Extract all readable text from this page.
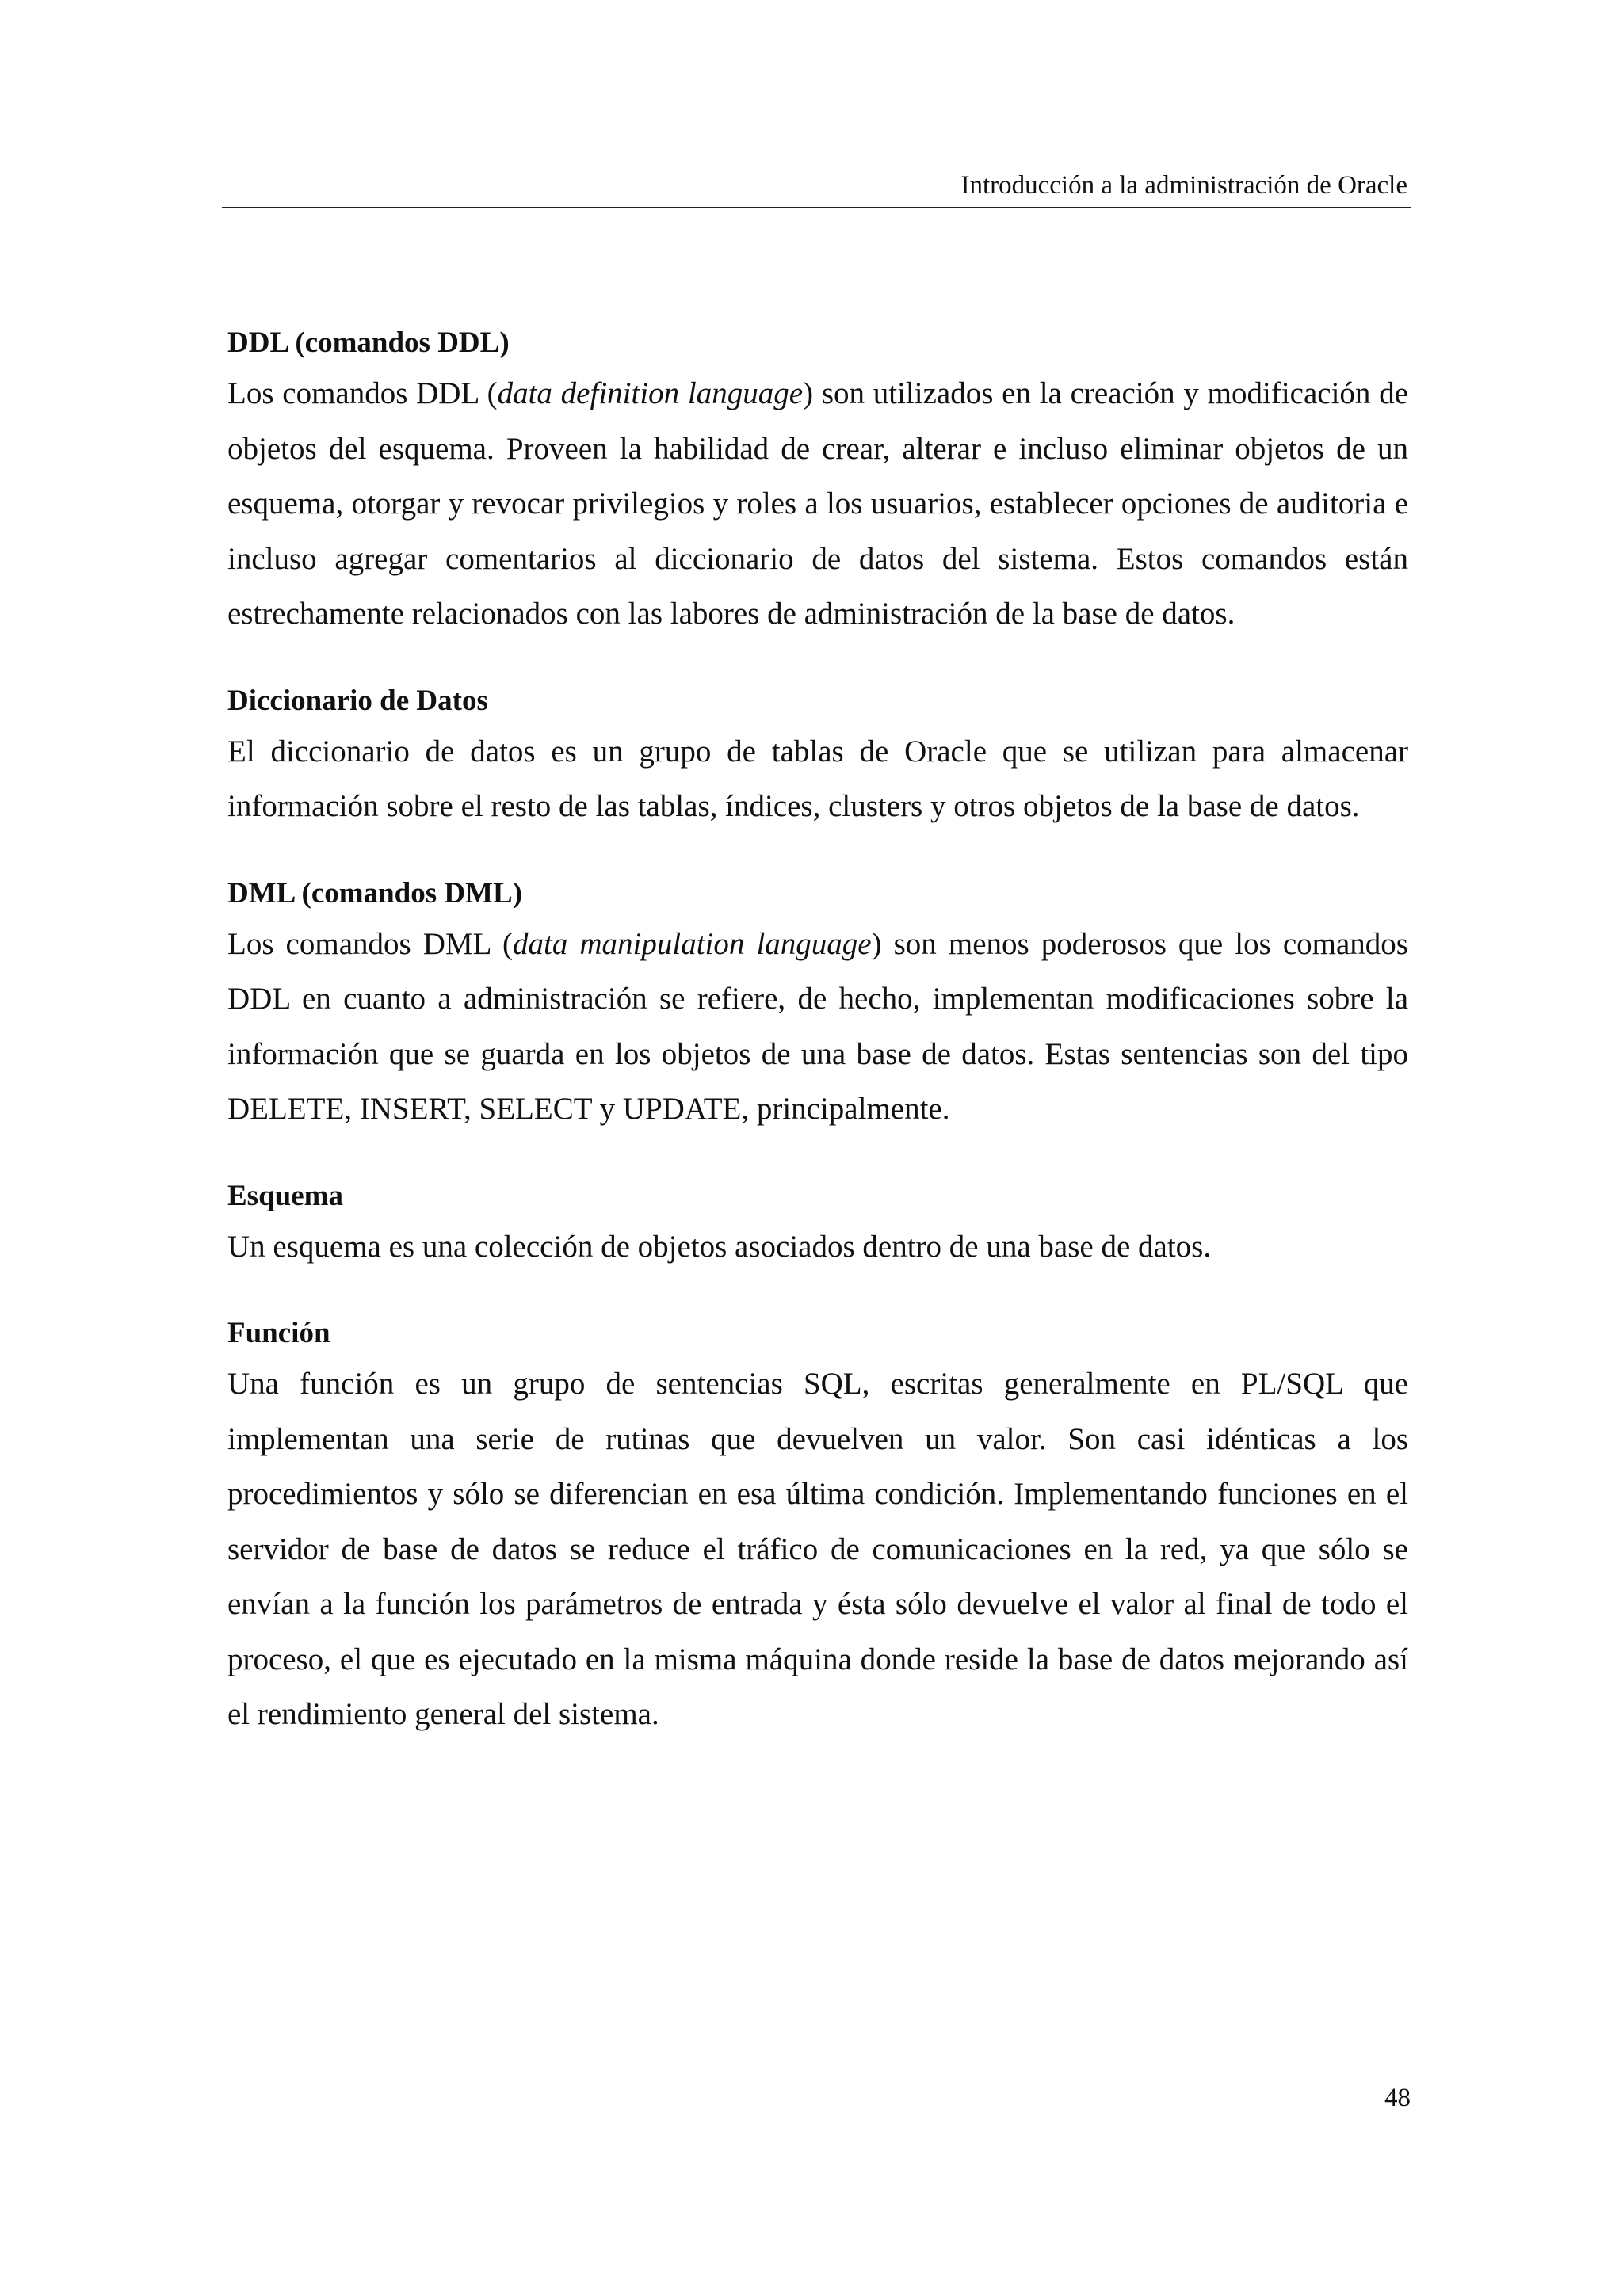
Introducción a la administración de Oracle
DDL (comandos DDL)

Los comandos DDL (data definition language) son utilizados en la creación y modificación de objetos del esquema. Proveen la habilidad de crear, alterar e incluso eliminar objetos de un esquema, otorgar y revocar privilegios y roles a los usuarios, establecer opciones de auditoria e incluso agregar comentarios al diccionario de datos del sistema. Estos comandos están estrechamente relacionados con las labores de administración de la base de datos.

Diccionario de Datos

El diccionario de datos es un grupo de tablas de Oracle que se utilizan para almacenar información sobre el resto de las tablas, índices, clusters y otros objetos de la base de datos.

DML (comandos DML)

Los comandos DML (data manipulation language) son menos poderosos que los comandos DDL en cuanto a administración se refiere, de hecho, implementan modificaciones sobre la información que se guarda en los objetos de una base de datos. Estas sentencias son del tipo DELETE, INSERT, SELECT y UPDATE, principalmente.

Esquema

Un esquema es una colección de objetos asociados dentro de una base de datos.

Función

Una función es un grupo de sentencias SQL, escritas generalmente en PL/SQL que implementan una serie de rutinas que devuelven un valor. Son casi idénticas a los procedimientos y sólo se diferencian en esa última condición. Implementando funciones en el servidor de base de datos se reduce el tráfico de comunicaciones en la red, ya que sólo se envían a la función los parámetros de entrada y ésta sólo devuelve el valor al final de todo el proceso, el que es ejecutado en la misma máquina donde reside la base de datos mejorando así el rendimiento general del sistema.

48
